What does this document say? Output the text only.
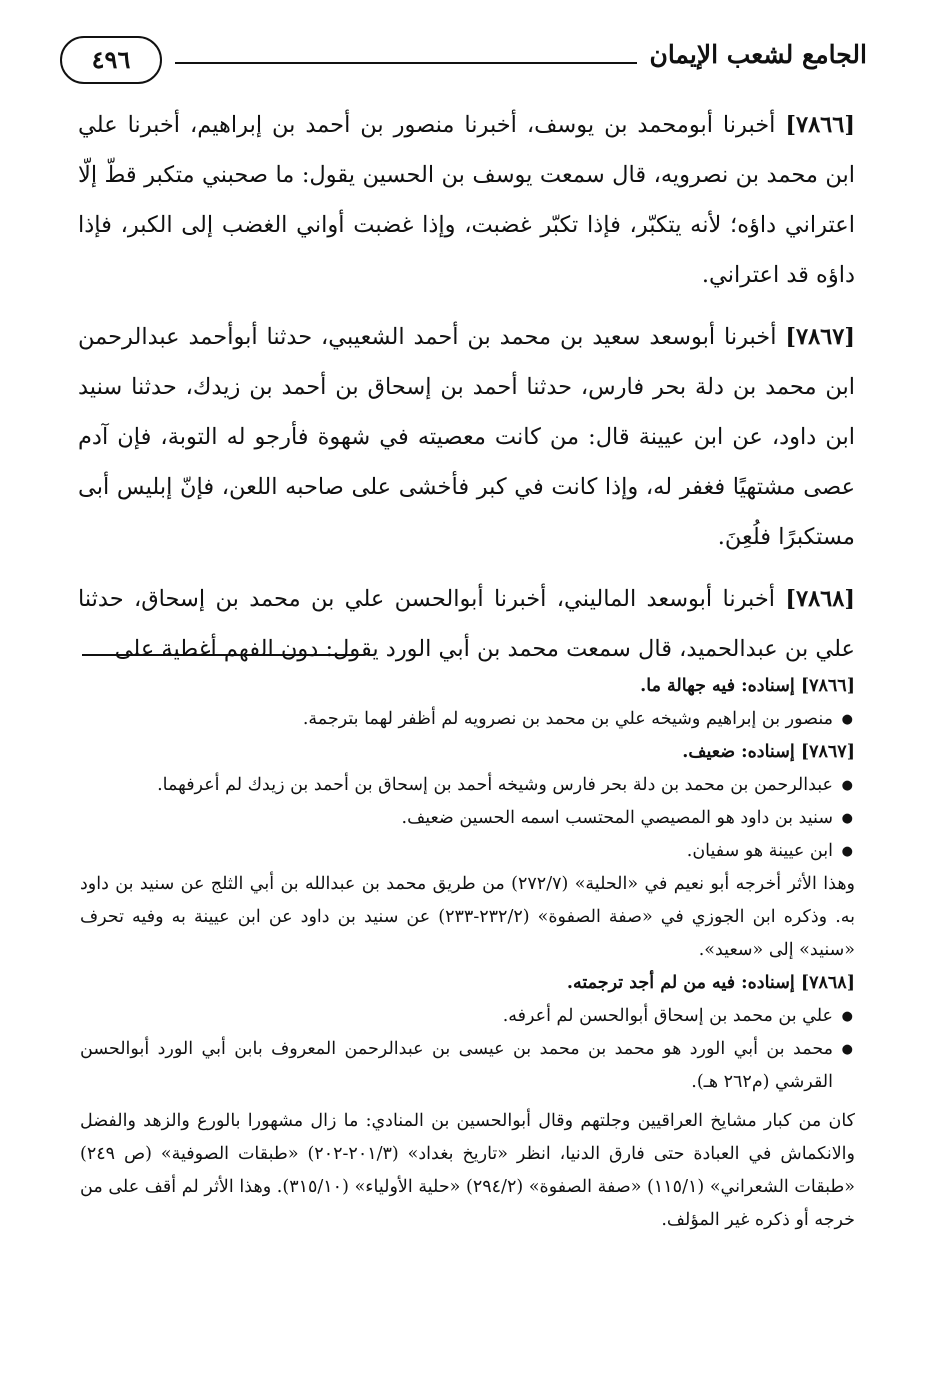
الجامع لشعب الإيمان
٤٩٦

[٧٨٦٦] أخبرنا أبومحمد بن يوسف، أخبرنا منصور بن أحمد بن إبراهيم، أخبرنا علي ابن محمد بن نصرويه، قال سمعت يوسف بن الحسين يقول: ما صحبني متكبر قطّ إلّا اعتراني داؤه؛ لأنه يتكبّر، فإذا تكبّر غضبت، وإذا غضبت أواني الغضب إلى الكبر، فإذا داؤه قد اعتراني.

[٧٨٦٧] أخبرنا أبوسعد سعيد بن محمد بن أحمد الشعيبي، حدثنا أبوأحمد عبدالرحمن ابن محمد بن دلة بحر فارس، حدثنا أحمد بن إسحاق بن أحمد بن زيدك، حدثنا سنيد ابن داود، عن ابن عيينة قال: من كانت معصيته في شهوة فأرجو له التوبة، فإن آدم عصى مشتهيًا فغفر له، وإذا كانت في كبر فأخشى على صاحبه اللعن، فإنّ إبليس أبى مستكبرًا فلُعِنَ.

[٧٨٦٨] أخبرنا أبوسعد الماليني، أخبرنا أبوالحسن علي بن محمد بن إسحاق، حدثنا علي بن عبدالحميد، قال سمعت محمد بن أبي الورد يقول: دون الفهم أغطية على

[٧٨٦٦] إسناده: فيه جهالة ما.

● منصور بن إبراهيم وشيخه علي بن محمد بن نصرويه لم أظفر لهما بترجمة.

[٧٨٦٧] إسناده: ضعيف.

● عبدالرحمن بن محمد بن دلة بحر فارس وشيخه أحمد بن إسحاق بن أحمد بن زيدك لم أعرفهما.
● سنيد بن داود هو المصيصي المحتسب اسمه الحسين ضعيف.
● ابن عيينة هو سفيان.

وهذا الأثر أخرجه أبو نعيم في «الحلية» (٢٧٢/٧) من طريق محمد بن عبدالله بن أبي الثلج عن سنيد بن داود به. وذكره ابن الجوزي في «صفة الصفوة» (٢٣٢/٢-٢٣٣) عن سنيد بن داود عن ابن عيينة به وفيه تحرف «سنيد» إلى «سعيد».

[٧٨٦٨] إسناده: فيه من لم أجد ترجمته.

● علي بن محمد بن إسحاق أبوالحسن لم أعرفه.
● محمد بن أبي الورد هو محمد بن محمد بن عيسى بن عبدالرحمن المعروف بابن أبي الورد أبوالحسن القرشي (م٢٦٢ هـ).

كان من كبار مشايخ العراقيين وجلتهم وقال أبوالحسين بن المنادي: ما زال مشهورا بالورع والزهد والفضل والانكماش في العبادة حتى فارق الدنيا، انظر «تاريخ بغداد» (٢٠١/٣-٢٠٢) «طبقات الصوفية» (ص ٢٤٩) «طبقات الشعراني» (١١٥/١) «صفة الصفوة» (٢٩٤/٢) «حلية الأولياء» (٣١٥/١٠). وهذا الأثر لم أقف على من خرجه أو ذكره غير المؤلف.
